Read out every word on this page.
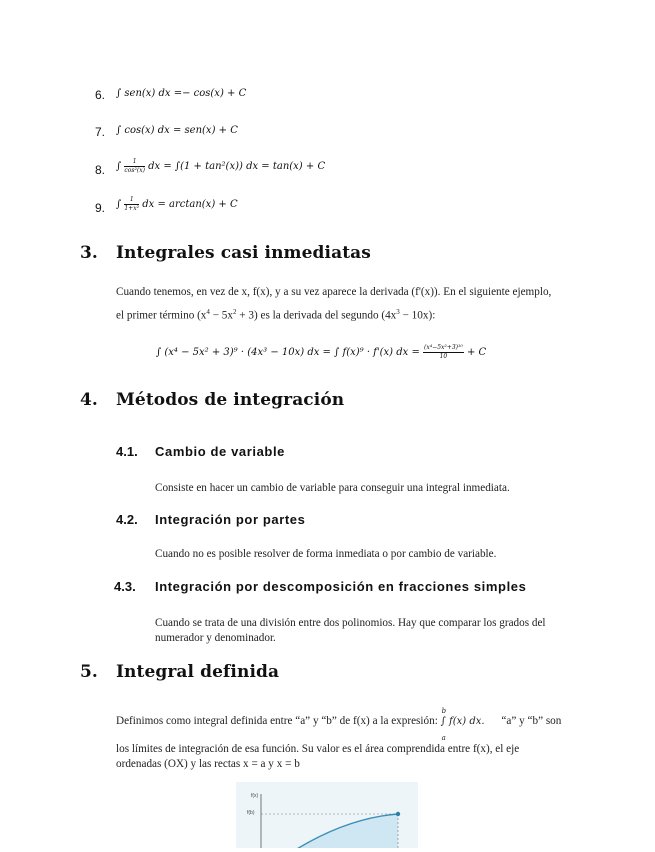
6. ∫ sen(x) dx =− cos(x) + C
7. ∫ cos(x) dx = sen(x) + C
8. ∫ $\frac{1}{\text{cos²(x)}}$ dx = ∫(1 + tan²(x)) dx = tan(x) + C
9. ∫ $\frac{1}{\text{1+x²}}$ dx = arctan(x) + C
3. Integrales casi inmediatas
Cuando tenemos, en vez de x, f(x), y a su vez aparece la derivada (f'(x)). En el siguiente ejemplo,
el primer término $(x^4 - 5x^2 + 3)$ es la derivada del segundo $(4x^3 - 10x)$:
∫ (x⁴ − 5x² + 3)⁹ · (4x³ − 10x) dx = ∫ f(x)⁹ · f'(x) dx = $\frac{\text{(x⁴−5x²+3)¹⁰}}{10} + C$
4. Métodos de integración
4.1. Cambio de variable
Consiste en hacer un cambio de variable para conseguir una integral inmediata.
4.2. Integración por partes
Cuando no es posible resolver de forma inmediata o por cambio de variable.
4.3. Integración por descomposición en fracciones simples
Cuando se trata de una división entre dos polinomios. Hay que comparar los grados del
numerador y denominador.
5. Integral definida
Definimos como integral definida entre “a” y “b” de f(x) a la expresión:
b
a
∫ f(x) dx. “a” y “b” son
los límites de integración de esa función. Su valor es el área comprendida entre f(x), el eje
ordenadas (OX) y las rectas x = a y x = b
f(x)
f(b)
